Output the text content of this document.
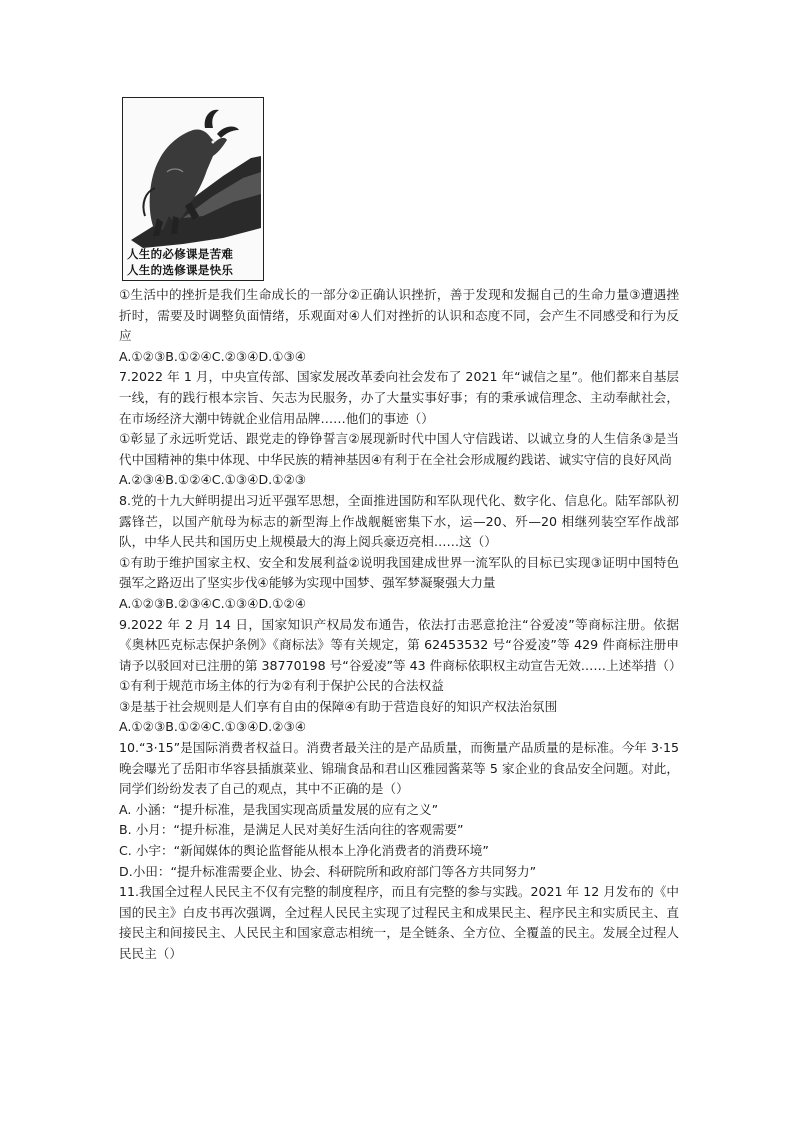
人生的必修课是苦难
人生的选修课是快乐

①生活中的挫折是我们生命成长的一部分②正确认识挫折，善于发现和发掘自己的生命力量③遭遇挫折时，需要及时调整负面情绪，乐观面对④人们对挫折的认识和态度不同，会产生不同感受和行为反应

A.①②③B.①②④C.②③④D.①③④

7.2022 年 1 月，中央宣传部、国家发展改革委向社会发布了 2021 年“诚信之星”。他们都来自基层一线，有的践行根本宗旨、矢志为民服务，办了大量实事好事；有的秉承诚信理念、主动奉献社会，在市场经济大潮中铸就企业信用品牌……他们的事迹（）

①彰显了永远听党话、跟党走的铮铮誓言②展现新时代中国人守信践诺、以诚立身的人生信条③是当代中国精神的集中体现、中华民族的精神基因④有利于在全社会形成履约践诺、诚实守信的良好风尚

A.②③④B.①②④C.①③④D.①②③

8.党的十九大鲜明提出习近平强军思想，全面推进国防和军队现代化、数字化、信息化。陆军部队初露锋芒，以国产航母为标志的新型海上作战舰艇密集下水，运—20、歼—20 相继列装空军作战部队，中华人民共和国历史上规模最大的海上阅兵豪迈亮相……这（）

①有助于维护国家主权、安全和发展利益②说明我国建成世界一流军队的目标已实现③证明中国特色强军之路迈出了坚实步伐④能够为实现中国梦、强军梦凝聚强大力量

A.①②③B.②③④C.①③④D.①②④

9.2022 年 2 月 14 日，国家知识产权局发布通告，依法打击恶意抢注“谷爱凌”等商标注册。依据《奥林匹克标志保护条例》《商标法》等有关规定，第 62453532 号“谷爱凌”等 429 件商标注册申请予以驳回对已注册的第 38770198 号“谷爱凌”等 43 件商标依职权主动宣告无效……上述举措（）

①有利于规范市场主体的行为②有利于保护公民的合法权益

③是基于社会规则是人们享有自由的保障④有助于营造良好的知识产权法治氛围

A.①②③B.①②④C.①③④D.②③④

10.“3·15”是国际消费者权益日。消费者最关注的是产品质量，而衡量产品质量的是标准。今年 3·15 晚会曝光了岳阳市华容县插旗菜业、锦瑞食品和君山区雅园酱菜等 5 家企业的食品安全问题。对此，同学们纷纷发表了自己的观点，其中不正确的是（）

A. 小涵：“提升标准，是我国实现高质量发展的应有之义”

B. 小月：“提升标准，是满足人民对美好生活向往的客观需要”

C. 小宇：“新闻媒体的舆论监督能从根本上净化消费者的消费环境”

D.小田：“提升标准需要企业、协会、科研院所和政府部门等各方共同努力”

11.我国全过程人民民主不仅有完整的制度程序，而且有完整的参与实践。2021 年 12 月发布的《中国的民主》白皮书再次强调，全过程人民民主实现了过程民主和成果民主、程序民主和实质民主、直接民主和间接民主、人民民主和国家意志相统一，是全链条、全方位、全覆盖的民主。发展全过程人民民主（）
